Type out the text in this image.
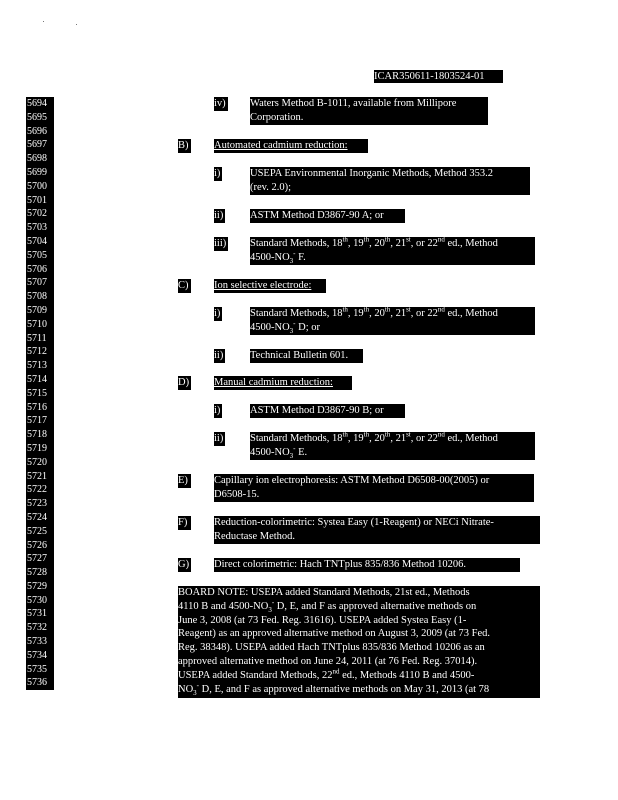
ICAR350611-1803524-01
5694
5695
5696
5697
5698
5699
5700
5701
5702
5703
5704
5705
5706
5707
5708
5709
5710
5711
5712
5713
5714
5715
5716
5717
5718
5719
5720
5721
5722
5723
5724
5725
5726
5727
5728
5729
5730
5731
5732
5733
5734
5735
5736
iv) Waters Method B-1011, available from Millipore
Corporation.
B) Automated cadmium reduction:
i)	USEPA Environmental Inorganic Methods, Method 353.2
(rev. 2.0);
ii)	ASTM Method D3867-90 A; or
iii) Standard Methods, 18th, 19th, 20th, 21st, or 22nd ed., Method
$4500-NO_3^-$ F.
C) Ion selective electrode:
i)	Standard Methods, 18th, 19th, 20th, 21st, or 22nd ed., Method
$4500-NO_3^-$ D; or
ii)	Technical Bulletin 601.
D) Manual cadmium reduction:
i)	ASTM Method D3867-90 B; or
ii)	Standard Methods, 18th, 19th, 20th, 21st, or 22nd ed., Method
$4500-NO_3^-$ E.
E) Capillary ion electrophoresis: ASTM Method D6508-00(2005) or
D6508-15.
F)	Reduction-colorimetric: Systea Easy (1-Reagent) or NECi Nitrate-
Reductase Method.
G) Direct colorimetric: Hach TNTplus 835/836 Method 10206.
BOARD NOTE: USEPA added Standard Methods, 21st ed., Methods
4110 B and $4500-NO_3^-$ D, E, and F as approved alternative methods on
June 3, 2008 (at 73 Fed. Reg. 31616). USEPA added Systea Easy (1-
Reagent) as an approved alternative method on August 3, 2009 (at 73 Fed.
Reg. 38348). USEPA added Hach TNTplus 835/836 Method 10206 as an
approved alternative method on June 24, 2011 (at 76 Fed. Reg. 37014).
USEPA added Standard Methods, 22nd ed., Methods 4110 B and 4500-
$NO_3^-$ D, E, and F as approved alternative methods on May 31, 2013 (at 78
